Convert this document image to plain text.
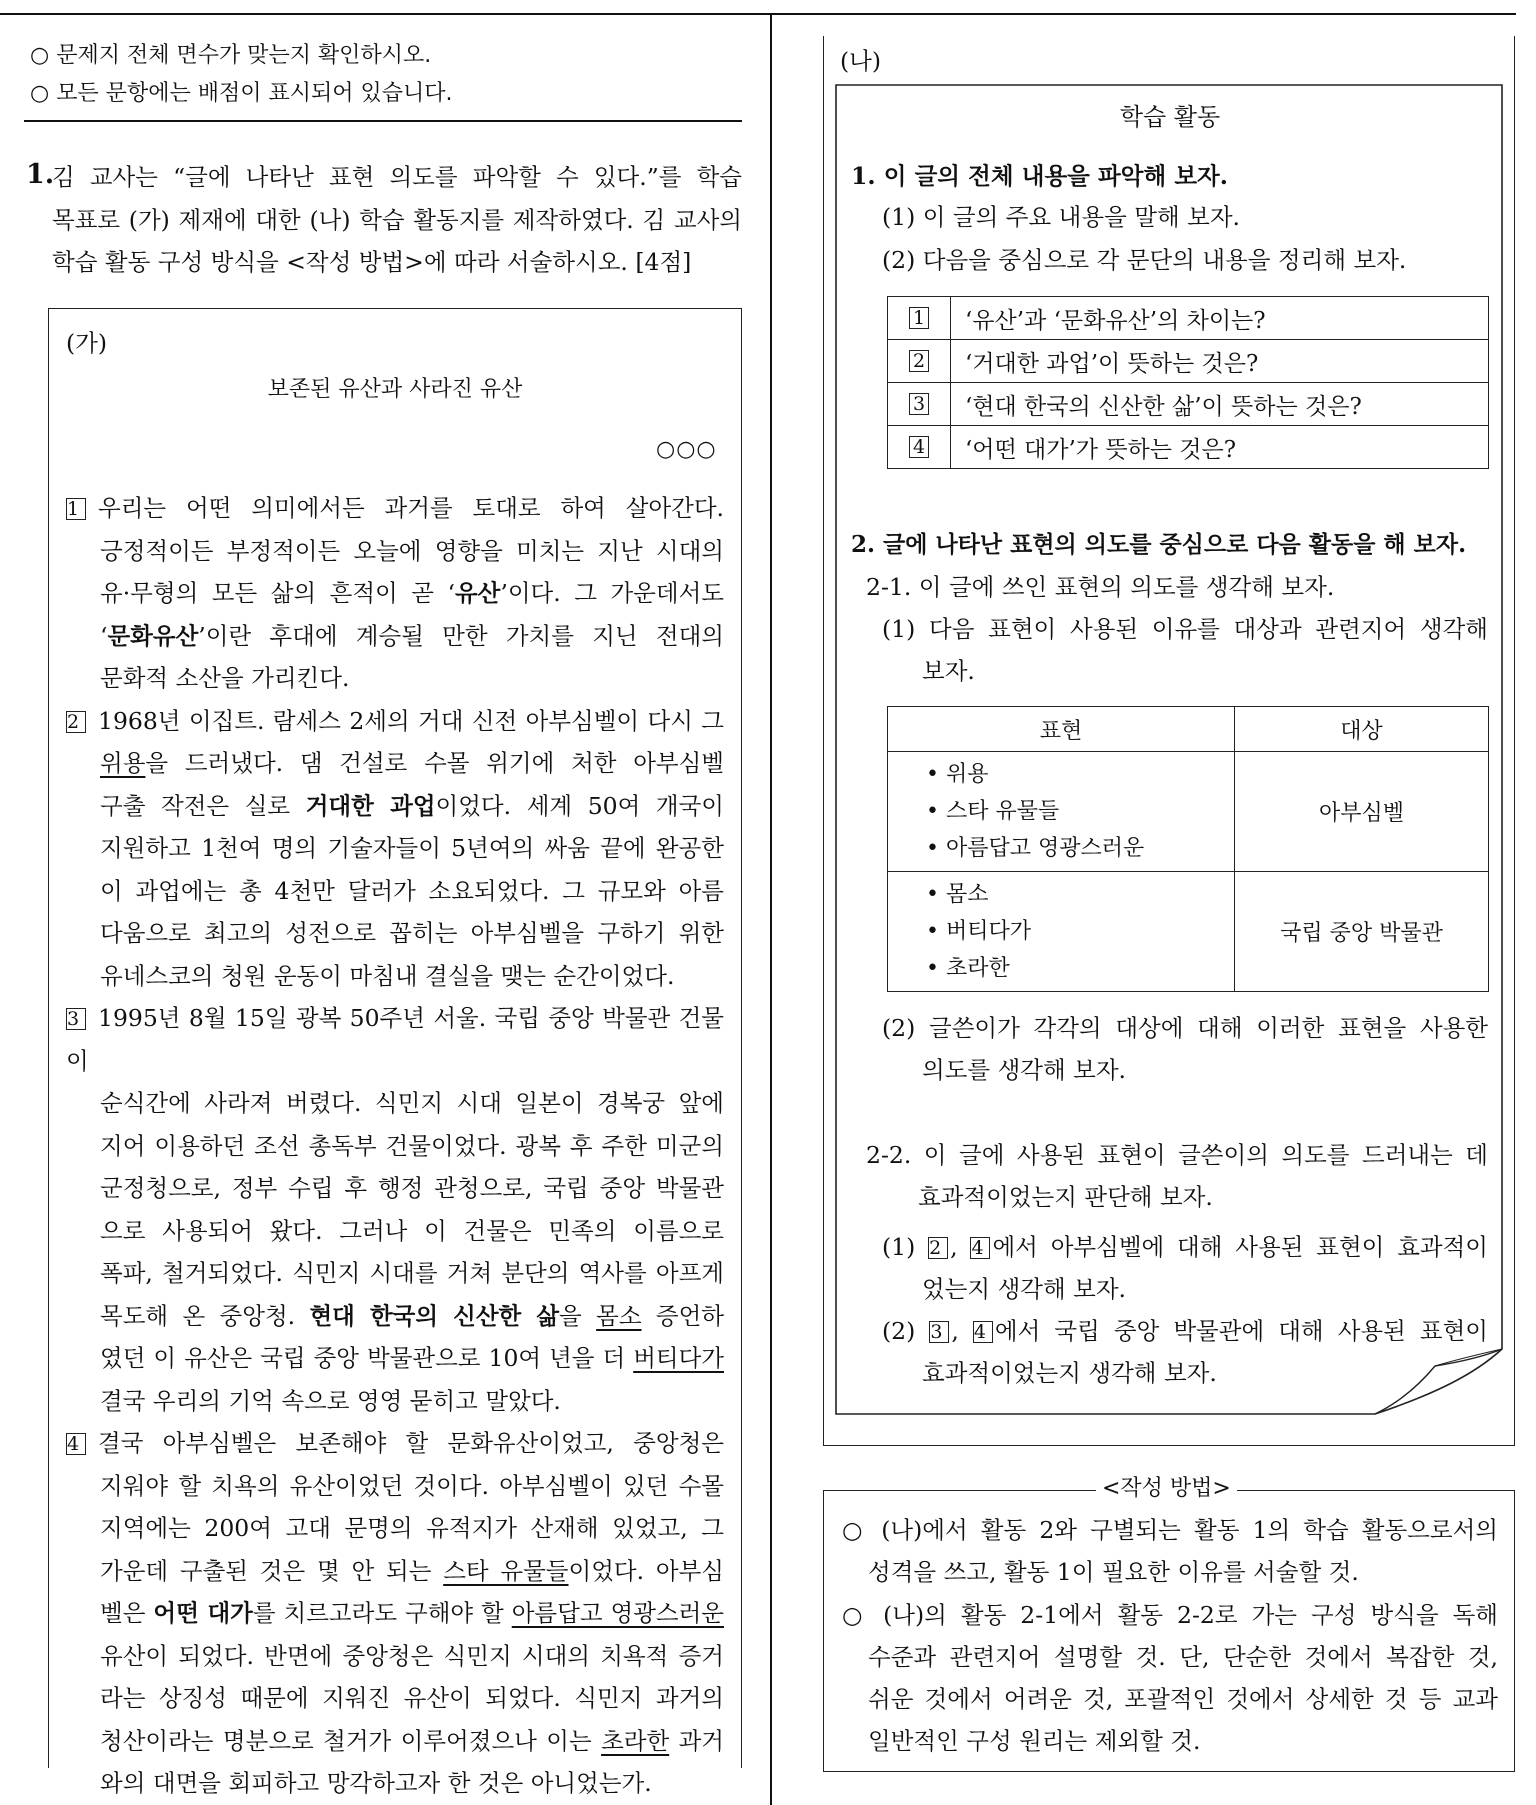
○ 문제지 전체 면수가 맞는지 확인하시오.
○ 모든 문항에는 배점이 표시되어 있습니다.
1.
김 교사는 “글에 나타난 표현 의도를 파악할 수 있다.”를 학습
목표로 (가) 제재에 대한 (나) 학습 활동지를 제작하였다. 김 교사의
학습 활동 구성 방식을 <작성 방법>에 따라 서술하시오. [4점]
(가)
보존된 유산과 사라진 유산
○○○
1 우리는 어떤 의미에서든 과거를 토대로 하여 살아간다.
긍정적이든 부정적이든 오늘에 영향을 미치는 지난 시대의
유·무형의 모든 삶의 흔적이 곧 ‘유산’이다. 그 가운데서도
‘문화유산’이란 후대에 계승될 만한 가치를 지닌 전대의
문화적 소산을 가리킨다.
2 1968년 이집트. 람세스 2세의 거대 신전 아부심벨이 다시 그
위용을 드러냈다. 댐 건설로 수몰 위기에 처한 아부심벨
구출 작전은 실로 거대한 과업이었다. 세계 50여 개국이
지원하고 1천여 명의 기술자들이 5년여의 싸움 끝에 완공한
이 과업에는 총 4천만 달러가 소요되었다. 그 규모와 아름
다움으로 최고의 성전으로 꼽히는 아부심벨을 구하기 위한
유네스코의 청원 운동이 마침내 결실을 맺는 순간이었다.
3 1995년 8월 15일 광복 50주년 서울. 국립 중앙 박물관 건물이
순식간에 사라져 버렸다. 식민지 시대 일본이 경복궁 앞에
지어 이용하던 조선 총독부 건물이었다. 광복 후 주한 미군의
군정청으로, 정부 수립 후 행정 관청으로, 국립 중앙 박물관
으로 사용되어 왔다. 그러나 이 건물은 민족의 이름으로
폭파, 철거되었다. 식민지 시대를 거쳐 분단의 역사를 아프게
목도해 온 중앙청. 현대 한국의 신산한 삶을 몸소 증언하
였던 이 유산은 국립 중앙 박물관으로 10여 년을 더 버티다가
결국 우리의 기억 속으로 영영 묻히고 말았다.
4 결국 아부심벨은 보존해야 할 문화유산이었고, 중앙청은
지워야 할 치욕의 유산이었던 것이다. 아부심벨이 있던 수몰
지역에는 200여 고대 문명의 유적지가 산재해 있었고, 그
가운데 구출된 것은 몇 안 되는 스타 유물들이었다. 아부심
벨은 어떤 대가를 치르고라도 구해야 할 아름답고 영광스러운
유산이 되었다. 반면에 중앙청은 식민지 시대의 치욕적 증거
라는 상징성 때문에 지워진 유산이 되었다. 식민지 과거의
청산이라는 명분으로 철거가 이루어졌으나 이는 초라한 과거
와의 대면을 회피하고 망각하고자 한 것은 아니었는가.
(나)
학습 활동
1. 이 글의 전체 내용을 파악해 보자.
(1) 이 글의 주요 내용을 말해 보자.
(2) 다음을 중심으로 각 문단의 내용을 정리해 보자.
1	‘유산’과 ‘문화유산’의 차이는?
2	‘거대한 과업’이 뜻하는 것은?
3	‘현대 한국의 신산한 삶’이 뜻하는 것은?
4	‘어떤 대가’가 뜻하는 것은?
2. 글에 나타난 표현의 의도를 중심으로 다음 활동을 해 보자.
2-1. 이 글에 쓰인 표현의 의도를 생각해 보자.
(1) 다음 표현이 사용된 이유를 대상과 관련지어 생각해
보자.
표현	대상

• 위용
• 스타 유물들
• 아름답고 영광스러운	아부심벨

• 몸소
• 버티다가
• 초라한	국립 중앙 박물관
(2) 글쓴이가 각각의 대상에 대해 이러한 표현을 사용한
의도를 생각해 보자.
2-2. 이 글에 사용된 표현이 글쓴이의 의도를 드러내는 데
효과적이었는지 판단해 보자.
(1) 2 , 4 에서 아부심벨에 대해 사용된 표현이 효과적이
었는지 생각해 보자.
(2) 3 , 4 에서 국립 중앙 박물관에 대해 사용된 표현이
효과적이었는지 생각해 보자.
<작성 방법>
○ (나)에서 활동 2와 구별되는 활동 1의 학습 활동으로서의
성격을 쓰고, 활동 1이 필요한 이유를 서술할 것.
○ (나)의 활동 2-1에서 활동 2-2로 가는 구성 방식을 독해
수준과 관련지어 설명할 것. 단, 단순한 것에서 복잡한 것,
쉬운 것에서 어려운 것, 포괄적인 것에서 상세한 것 등 교과
일반적인 구성 원리는 제외할 것.
